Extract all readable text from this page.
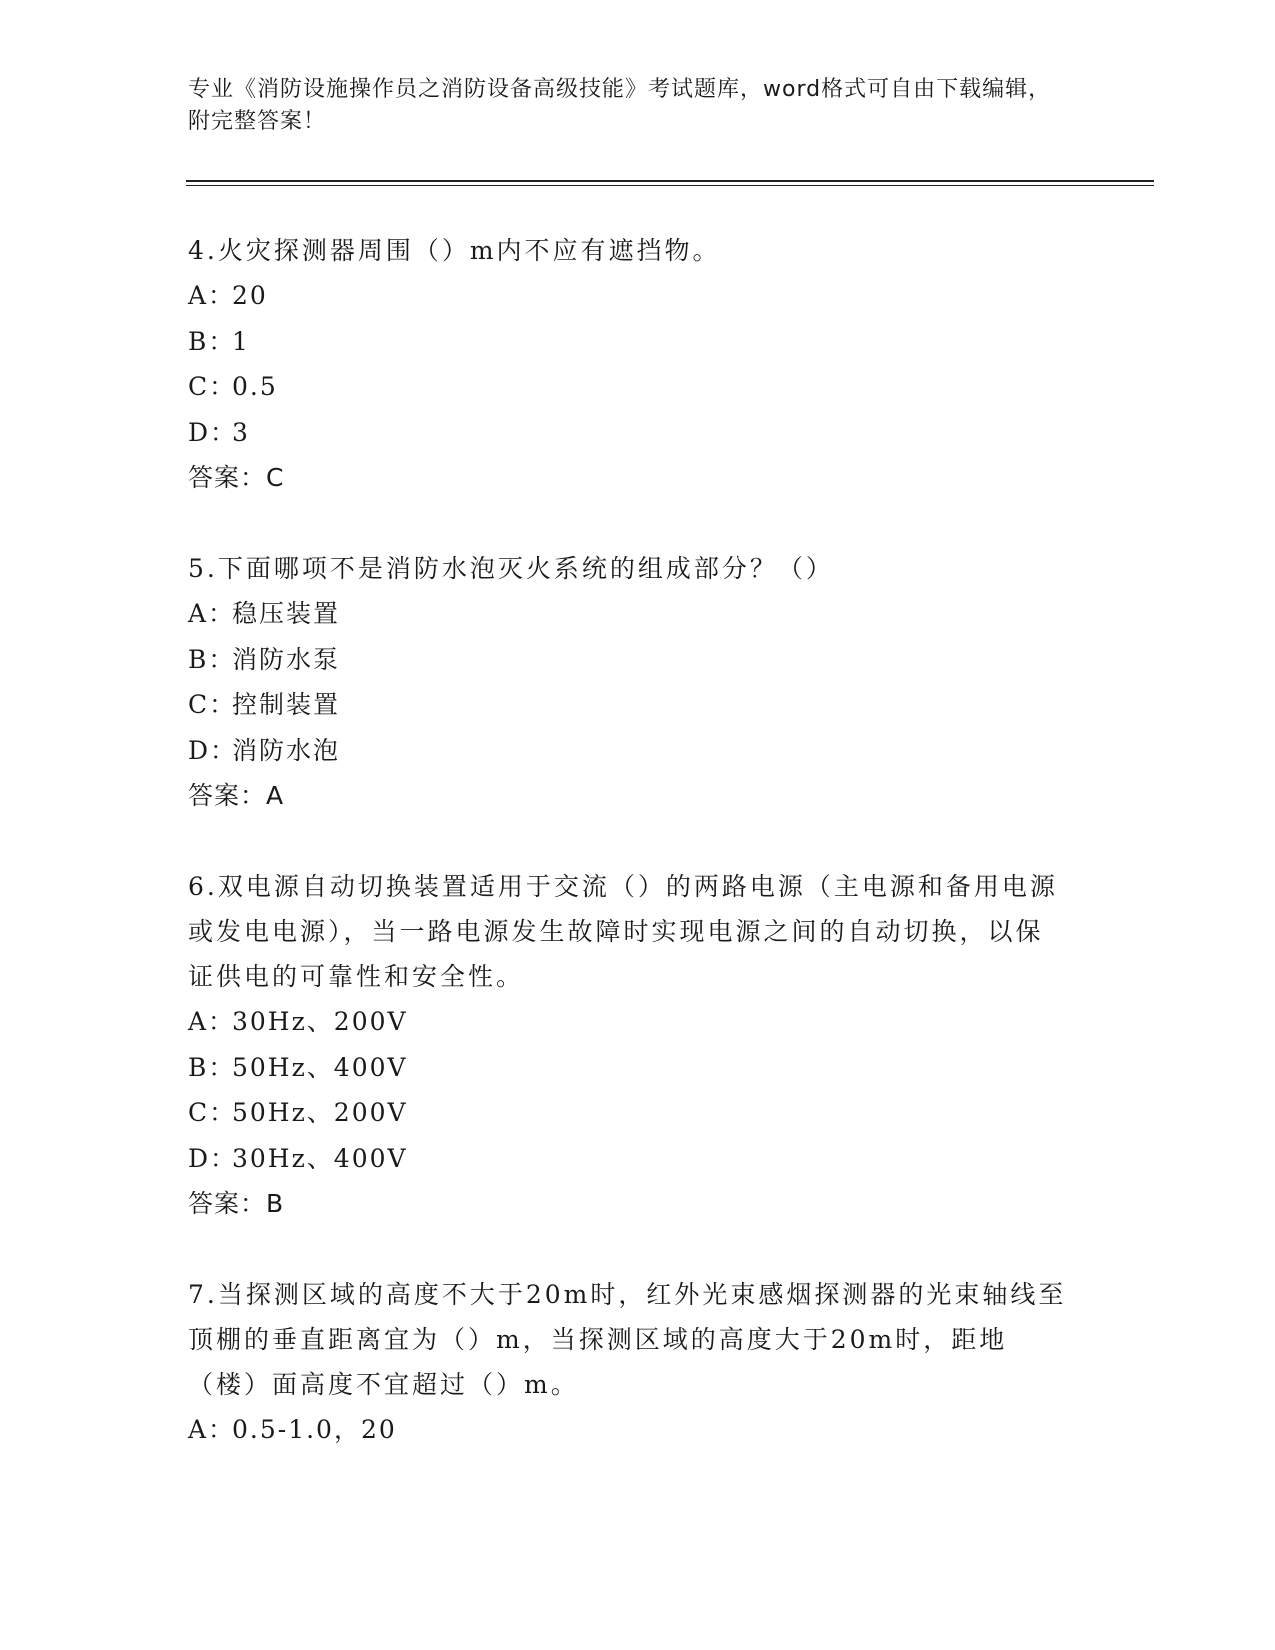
专业《消防设施操作员之消防设备高级技能》考试题库，word格式可自由下载编辑，附完整答案！
4.火灾探测器周围（）m内不应有遮挡物。
A：20
B：1
C：0.5
D：3
答案：C
5.下面哪项不是消防水泡灭火系统的组成部分？（）
A：稳压装置
B：消防水泵
C：控制装置
D：消防水泡
答案：A
6.双电源自动切换装置适用于交流（）的两路电源（主电源和备用电源或发电电源），当一路电源发生故障时实现电源之间的自动切换，以保证供电的可靠性和安全性。
A：30Hz、200V
B：50Hz、400V
C：50Hz、200V
D：30Hz、400V
答案：B
7.当探测区域的高度不大于20m时，红外光束感烟探测器的光束轴线至顶棚的垂直距离宜为（）m，当探测区域的高度大于20m时，距地（楼）面高度不宜超过（）m。
A：0.5-1.0，20
